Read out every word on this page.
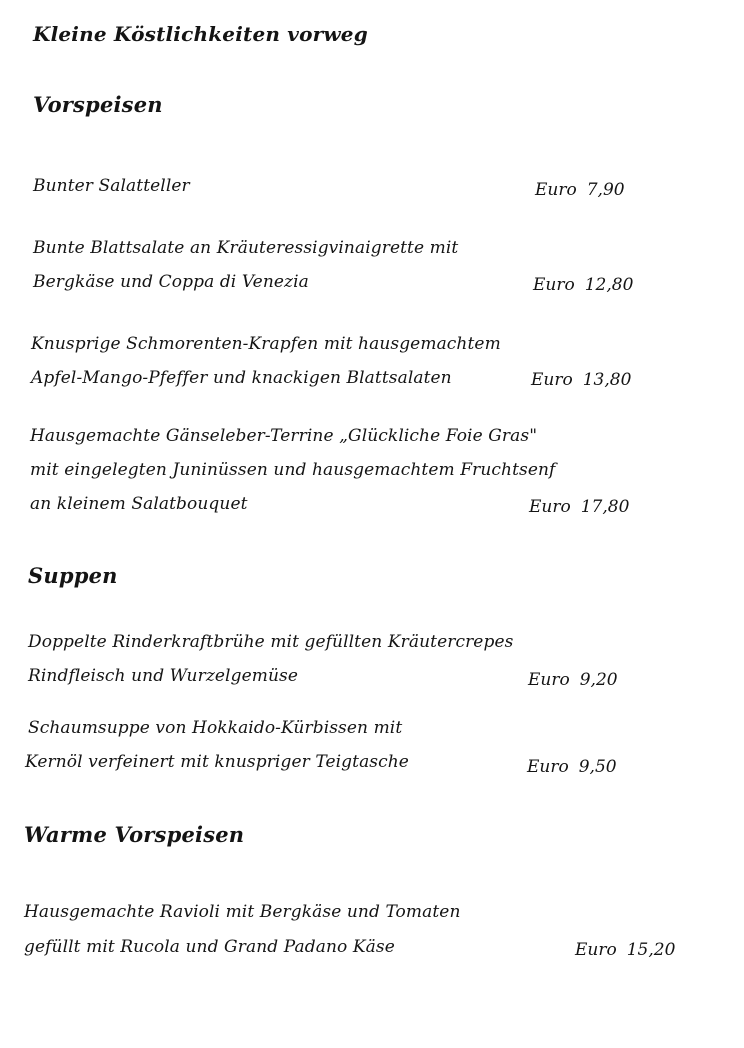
Kleine Köstlichkeiten vorweg
Vorspeisen
Bunter Salatteller	Euro 7,90
Bunte Blattsalate an Kräuteressigvinaigrette mit
Bergkäse und Coppa di Venezia	Euro 12,80
Knusprige Schmorenten-Krapfen mit hausgemachtem
Apfel-Mango-Pfeffer und knackigen Blattsalaten	Euro 13,80
Hausgemachte Gänseleber-Terrine „Glückliche Foie Gras"
mit eingelegten Juninüssen und hausgemachtem Fruchtsenf
an kleinem Salatbouquet	Euro 17,80
Suppen
Doppelte Rinderkraftbrühe mit gefüllten Kräutercrepes
Rindfleisch und Wurzelgemüse	Euro 9,20
Schaumsuppe von Hokkaido-Kürbissen mit
Kernöl verfeinert mit knuspriger Teigtasche	Euro 9,50
Warme Vorspeisen
Hausgemachte Ravioli mit Bergkäse und Tomaten
gefüllt mit Rucola und Grand Padano Käse	Euro 15,20
